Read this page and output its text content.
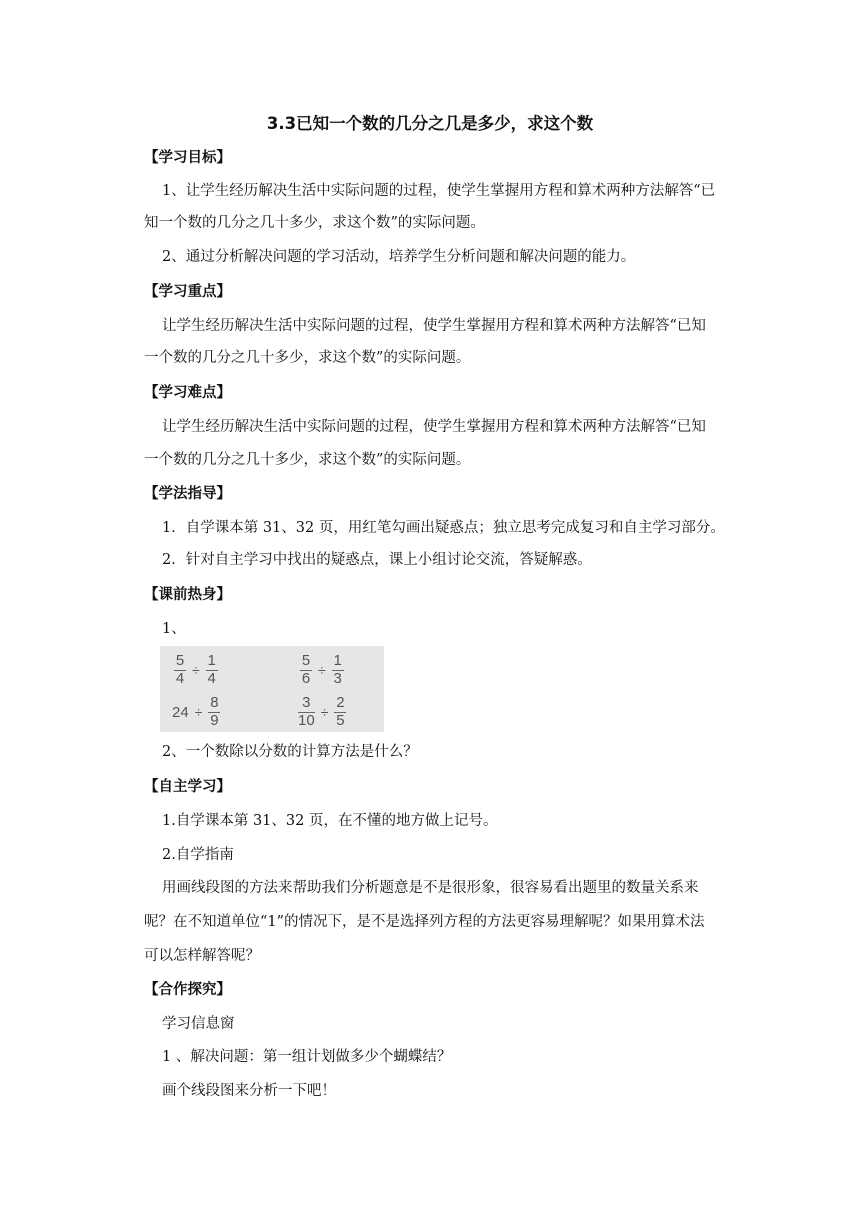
3.3已知一个数的几分之几是多少，求这个数
【学习目标】
1、让学生经历解决生活中实际问题的过程，使学生掌握用方程和算术两种方法解答“已
知一个数的几分之几十多少，求这个数”的实际问题。
2、通过分析解决问题的学习活动，培养学生分析问题和解决问题的能力。
【学习重点】
让学生经历解决生活中实际问题的过程，使学生掌握用方程和算术两种方法解答“已知
一个数的几分之几十多少，求这个数”的实际问题。
【学习难点】
让学生经历解决生活中实际问题的过程，使学生掌握用方程和算术两种方法解答“已知
一个数的几分之几十多少，求这个数”的实际问题。
【学法指导】
1．自学课本第 31、32 页，用红笔勾画出疑惑点；独立思考完成复习和自主学习部分。
2．针对自主学习中找出的疑惑点，课上小组讨论交流，答疑解惑。
【课前热身】
1、
$\frac{5}{4} \div \frac{1}{4}$	$\frac{5}{6} \div \frac{1}{3}$
$24 \div \frac{8}{9}$	$\frac{3}{10} \div \frac{2}{5}$
2、一个数除以分数的计算方法是什么？
【自主学习】
1.自学课本第 31、32 页，在不懂的地方做上记号。
2.自学指南
用画线段图的方法来帮助我们分析题意是不是很形象，很容易看出题里的数量关系来
呢？在不知道单位“1”的情况下，是不是选择列方程的方法更容易理解呢？如果用算术法
可以怎样解答呢？
【合作探究】
学习信息窗
1 、解决问题：第一组计划做多少个蝴蝶结？
画个线段图来分析一下吧！
